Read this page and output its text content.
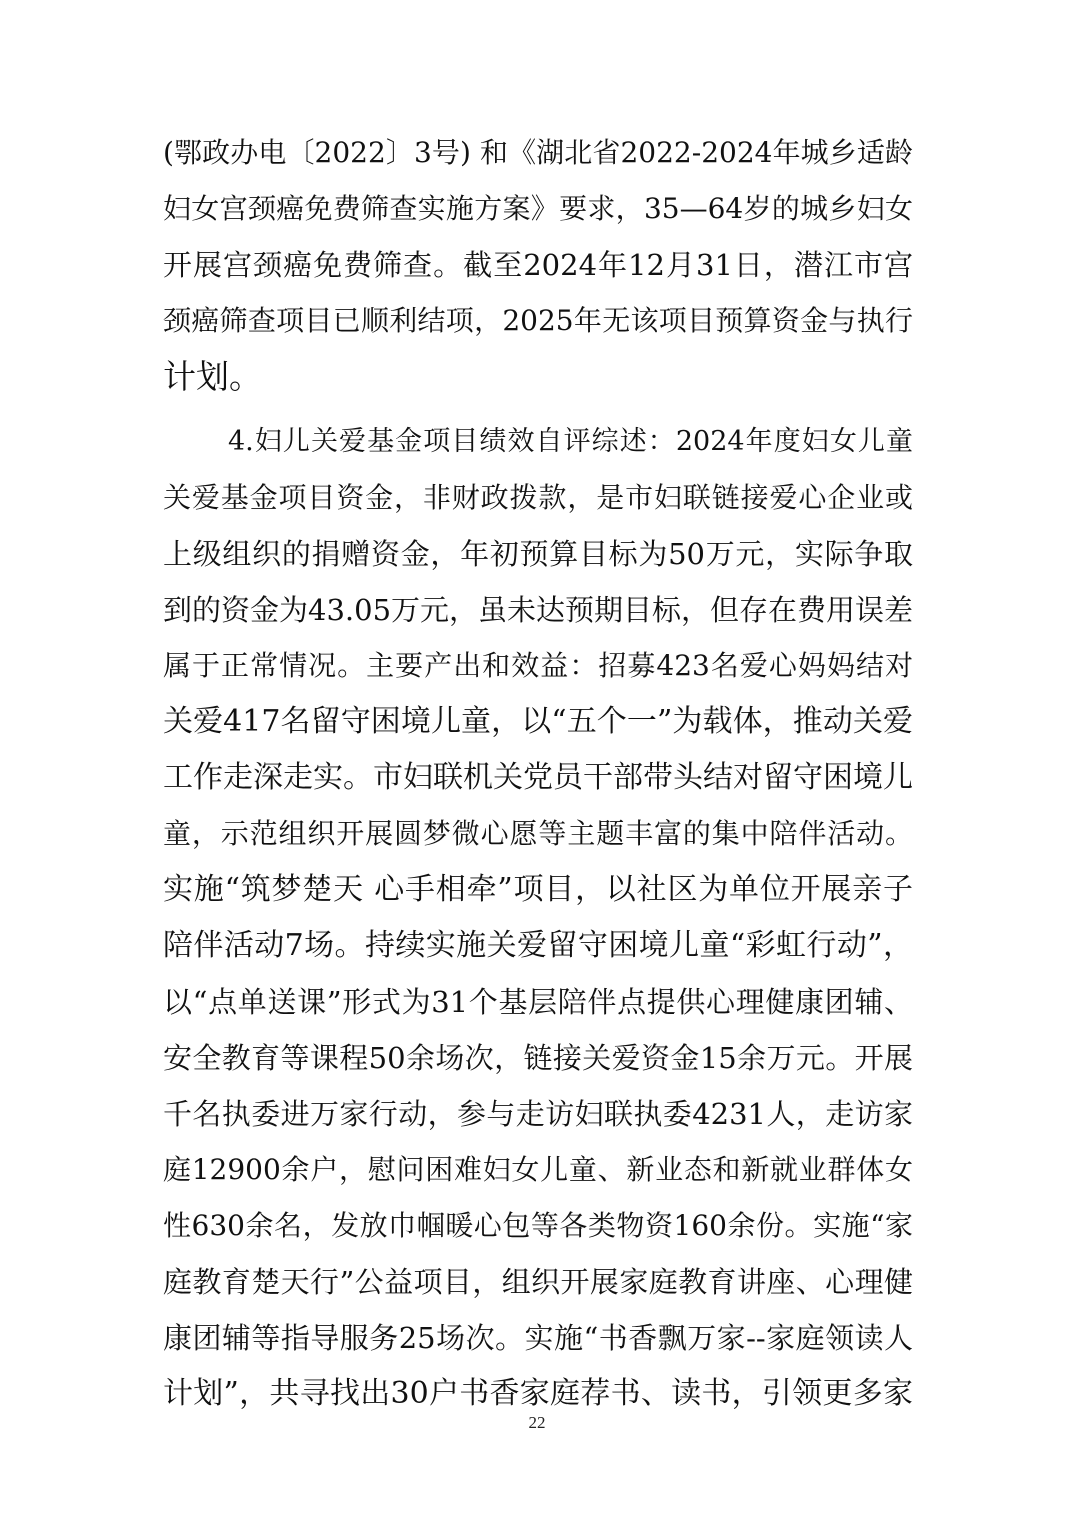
(鄂政办电〔2022〕3号) 和《湖北省2022-2024年城乡适龄
妇女宫颈癌免费筛查实施方案》要求，35—64岁的城乡妇女
开展宫颈癌免费筛查。截至2024年12月31日，潜江市宫
颈癌筛查项目已顺利结项，2025年无该项目预算资金与执行
计划。
4.妇儿关爱基金项目绩效自评综述：2024年度妇女儿童
关爱基金项目资金，非财政拨款，是市妇联链接爱心企业或
上级组织的捐赠资金，年初预算目标为50万元，实际争取
到的资金为43.05万元，虽未达预期目标，但存在费用误差
属于正常情况。主要产出和效益：招募423名爱心妈妈结对
关爱417名留守困境儿童，以“五个一”为载体，推动关爱
工作走深走实。市妇联机关党员干部带头结对留守困境儿
童，示范组织开展圆梦微心愿等主题丰富的集中陪伴活动。
实施“筑梦楚天 心手相牵”项目，以社区为单位开展亲子
陪伴活动7场。持续实施关爱留守困境儿童“彩虹行动”，
以“点单送课”形式为31个基层陪伴点提供心理健康团辅、
安全教育等课程50余场次，链接关爱资金15余万元。开展
千名执委进万家行动，参与走访妇联执委4231人，走访家
庭12900余户，慰问困难妇女儿童、新业态和新就业群体女
性630余名，发放巾帼暖心包等各类物资160余份。实施“家
庭教育楚天行”公益项目，组织开展家庭教育讲座、心理健
康团辅等指导服务25场次。实施“书香飘万家--家庭领读人
计划”，共寻找出30户书香家庭荐书、读书，引领更多家
22
